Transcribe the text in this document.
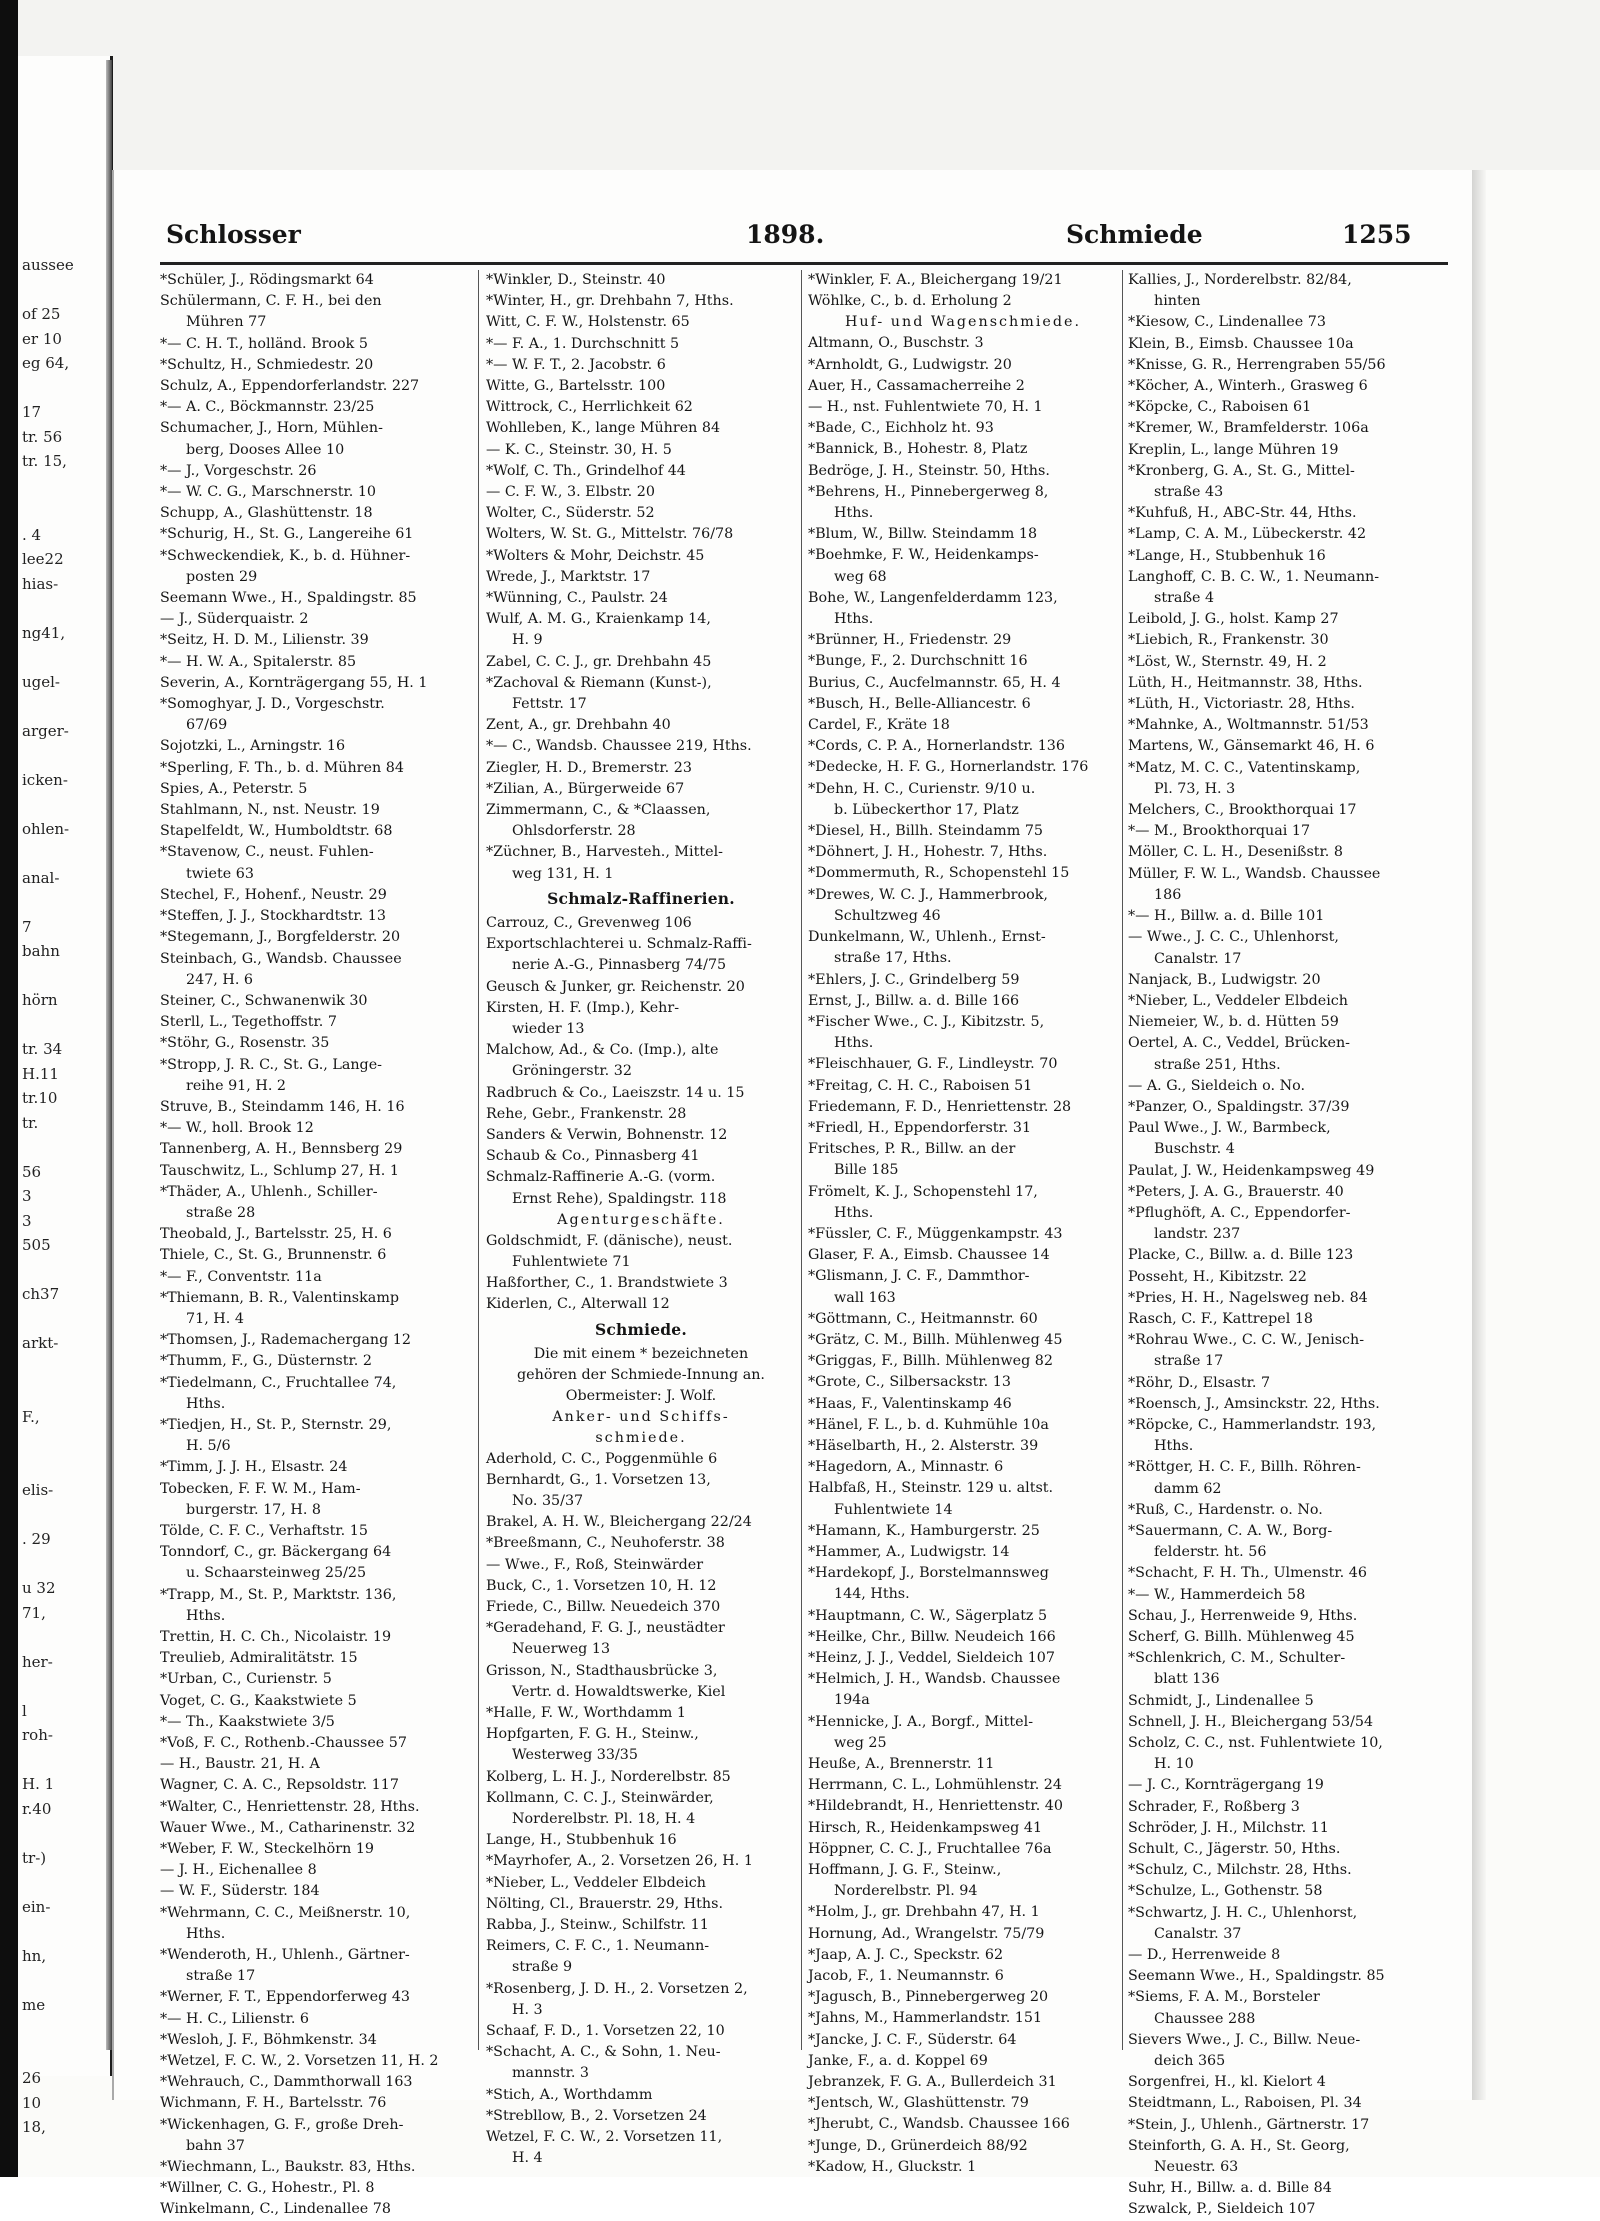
aussee
of 25
er 10
eg 64,
17
tr. 56
tr. 15,
. 4
lee22
hias-
ng41,
ugel-
arger-
icken-
ohlen-
anal-
7
bahn
hörn
tr. 34
H.11
tr.10
tr.
56
3
3
505
ch37
arkt-
F.,
elis-
. 29
u 32
71,
her-
l
roh-
H. 1
r.40
tr-)
ein-
hn,
me
26
10
18,
Schlosser	1898.	Schmiede	1255
*Schüler, J., Rödingsmarkt 64
Schülermann, C. F. H., bei den
Mühren 77
*— C. H. T., holländ. Brook 5
*Schultz, H., Schmiedestr. 20
Schulz, A., Eppendorferlandstr. 227
*— A. C., Böckmannstr. 23/25
Schumacher, J., Horn, Mühlen-
berg, Dooses Allee 10
*— J., Vorgeschstr. 26
*— W. C. G., Marschnerstr. 10
Schupp, A., Glashüttenstr. 18
*Schurig, H., St. G., Langereihe 61
*Schweckendiek, K., b. d. Hühner-
posten 29
Seemann Wwe., H., Spaldingstr. 85
— J., Süderquaistr. 2
*Seitz, H. D. M., Lilienstr. 39
*— H. W. A., Spitalerstr. 85
Severin, A., Kornträgergang 55, H. 1
*Somoghyar, J. D., Vorgeschstr.
67/69
Sojotzki, L., Arningstr. 16
*Sperling, F. Th., b. d. Mühren 84
Spies, A., Peterstr. 5
Stahlmann, N., nst. Neustr. 19
Stapelfeldt, W., Humboldtstr. 68
*Stavenow, C., neust. Fuhlen-
twiete 63
Stechel, F., Hohenf., Neustr. 29
*Steffen, J. J., Stockhardtstr. 13
*Stegemann, J., Borgfelderstr. 20
Steinbach, G., Wandsb. Chaussee
247, H. 6
Steiner, C., Schwanenwik 30
Sterll, L., Tegethoffstr. 7
*Stöhr, G., Rosenstr. 35
*Stropp, J. R. C., St. G., Lange-
reihe 91, H. 2
Struve, B., Steindamm 146, H. 16
*— W., holl. Brook 12
Tannenberg, A. H., Bennsberg 29
Tauschwitz, L., Schlump 27, H. 1
*Thäder, A., Uhlenh., Schiller-
straße 28
Theobald, J., Bartelsstr. 25, H. 6
Thiele, C., St. G., Brunnenstr. 6
*— F., Conventstr. 11a
*Thiemann, B. R., Valentinskamp
71, H. 4
*Thomsen, J., Rademachergang 12
*Thumm, F., G., Düsternstr. 2
*Tiedelmann, C., Fruchtallee 74,
Hths.
*Tiedjen, H., St. P., Sternstr. 29,
H. 5/6
*Timm, J. J. H., Elsastr. 24
Tobecken, F. F. W. M., Ham-
burgerstr. 17, H. 8
Tölde, C. F. C., Verhaftstr. 15
Tonndorf, C., gr. Bäckergang 64
u. Schaarsteinweg 25/25
*Trapp, M., St. P., Marktstr. 136,
Hths.
Trettin, H. C. Ch., Nicolaistr. 19
Treulieb, Admiralitätstr. 15
*Urban, C., Curienstr. 5
Voget, C. G., Kaakstwiete 5
*— Th., Kaakstwiete 3/5
*Voß, F. C., Rothenb.-Chaussee 57
— H., Baustr. 21, H. A
Wagner, C. A. C., Repsoldstr. 117
*Walter, C., Henriettenstr. 28, Hths.
Wauer Wwe., M., Catharinenstr. 32
*Weber, F. W., Steckelhörn 19
— J. H., Eichenallee 8
— W. F., Süderstr. 184
*Wehrmann, C. C., Meißnerstr. 10,
Hths.
*Wenderoth, H., Uhlenh., Gärtner-
straße 17
*Werner, F. T., Eppendorferweg 43
*— H. C., Lilienstr. 6
*Wesloh, J. F., Böhmkenstr. 34
*Wetzel, F. C. W., 2. Vorsetzen 11, H. 2
*Wehrauch, C., Dammthorwall 163
Wichmann, F. H., Bartelsstr. 76
*Wickenhagen, G. F., große Dreh-
bahn 37
*Wiechmann, L., Baukstr. 83, Hths.
*Willner, C. G., Hohestr., Pl. 8
Winkelmann, C., Lindenallee 78
*Winkler, D., Steinstr. 40
*Winter, H., gr. Drehbahn 7, Hths.
Witt, C. F. W., Holstenstr. 65
*— F. A., 1. Durchschnitt 5
*— W. F. T., 2. Jacobstr. 6
Witte, G., Bartelsstr. 100
Wittrock, C., Herrlichkeit 62
Wohlleben, K., lange Mühren 84
— K. C., Steinstr. 30, H. 5
*Wolf, C. Th., Grindelhof 44
— C. F. W., 3. Elbstr. 20
Wolter, C., Süderstr. 52
Wolters, W. St. G., Mittelstr. 76/78
*Wolters & Mohr, Deichstr. 45
Wrede, J., Marktstr. 17
*Wünning, C., Paulstr. 24
Wulf, A. M. G., Kraienkamp 14,
H. 9
Zabel, C. C. J., gr. Drehbahn 45
*Zachoval & Riemann (Kunst-),
Fettstr. 17
Zent, A., gr. Drehbahn 40
*— C., Wandsb. Chaussee 219, Hths.
Ziegler, H. D., Bremerstr. 23
*Zilian, A., Bürgerweide 67
Zimmermann, C., & *Claassen,
Ohlsdorferstr. 28
*Züchner, B., Harvesteh., Mittel-
weg 131, H. 1
Schmalz-Raffinerien.
Carrouz, C., Grevenweg 106
Exportschlachterei u. Schmalz-Raffi-
nerie A.-G., Pinnasberg 74/75
Geusch & Junker, gr. Reichenstr. 20
Kirsten, H. F. (Imp.), Kehr-
wieder 13
Malchow, Ad., & Co. (Imp.), alte
Gröningerstr. 32
Radbruch & Co., Laeiszstr. 14 u. 15
Rehe, Gebr., Frankenstr. 28
Sanders & Verwin, Bohnenstr. 12
Schaub & Co., Pinnasberg 41
Schmalz-Raffinerie A.-G. (vorm.
Ernst Rehe), Spaldingstr. 118
Agenturgeschäfte.
Goldschmidt, F. (dänische), neust.
Fuhlentwiete 71
Haßforther, C., 1. Brandstwiete 3
Kiderlen, C., Alterwall 12
Schmiede.
Die mit einem * bezeichneten
gehören der Schmiede-Innung an.
Obermeister: J. Wolf.
Anker- und Schiffs-
schmiede.
Aderhold, C. C., Poggenmühle 6
Bernhardt, G., 1. Vorsetzen 13,
No. 35/37
Brakel, A. H. W., Bleichergang 22/24
*Breeßmann, C., Neuhoferstr. 38
— Wwe., F., Roß, Steinwärder
Buck, C., 1. Vorsetzen 10, H. 12
Friede, C., Billw. Neuedeich 370
*Geradehand, F. G. J., neustädter
Neuerweg 13
Grisson, N., Stadthausbrücke 3,
Vertr. d. Howaldtswerke, Kiel
*Halle, F. W., Worthdamm 1
Hopfgarten, F. G. H., Steinw.,
Westerweg 33/35
Kolberg, L. H. J., Norderelbstr. 85
Kollmann, C. C. J., Steinwärder,
Norderelbstr. Pl. 18, H. 4
Lange, H., Stubbenhuk 16
*Mayrhofer, A., 2. Vorsetzen 26, H. 1
*Nieber, L., Veddeler Elbdeich
Nölting, Cl., Brauerstr. 29, Hths.
Rabba, J., Steinw., Schilfstr. 11
Reimers, C. F. C., 1. Neumann-
straße 9
*Rosenberg, J. D. H., 2. Vorsetzen 2,
H. 3
Schaaf, F. D., 1. Vorsetzen 22, 10
*Schacht, A. C., & Sohn, 1. Neu-
mannstr. 3
*Stich, A., Worthdamm
*Strebllow, B., 2. Vorsetzen 24
Wetzel, F. C. W., 2. Vorsetzen 11,
H. 4
*Winkler, F. A., Bleichergang 19/21
Wöhlke, C., b. d. Erholung 2
Huf- und Wagenschmiede.
Altmann, O., Buschstr. 3
*Arnholdt, G., Ludwigstr. 20
Auer, H., Cassamacherreihe 2
— H., nst. Fuhlentwiete 70, H. 1
*Bade, C., Eichholz ht. 93
*Bannick, B., Hohestr. 8, Platz
Bedröge, J. H., Steinstr. 50, Hths.
*Behrens, H., Pinnebergerweg 8,
Hths.
*Blum, W., Billw. Steindamm 18
*Boehmke, F. W., Heidenkamps-
weg 68
Bohe, W., Langenfelderdamm 123,
Hths.
*Brünner, H., Friedenstr. 29
*Bunge, F., 2. Durchschnitt 16
Burius, C., Aucfelmannstr. 65, H. 4
*Busch, H., Belle-Alliancestr. 6
Cardel, F., Kräte 18
*Cords, C. P. A., Hornerlandstr. 136
*Dedecke, H. F. G., Hornerlandstr. 176
*Dehn, H. C., Curienstr. 9/10 u.
b. Lübeckerthor 17, Platz
*Diesel, H., Billh. Steindamm 75
*Döhnert, J. H., Hohestr. 7, Hths.
*Dommermuth, R., Schopenstehl 15
*Drewes, W. C. J., Hammerbrook,
Schultzweg 46
Dunkelmann, W., Uhlenh., Ernst-
straße 17, Hths.
*Ehlers, J. C., Grindelberg 59
Ernst, J., Billw. a. d. Bille 166
*Fischer Wwe., C. J., Kibitzstr. 5,
Hths.
*Fleischhauer, G. F., Lindleystr. 70
*Freitag, C. H. C., Raboisen 51
Friedemann, F. D., Henriettenstr. 28
*Friedl, H., Eppendorferstr. 31
Fritsches, P. R., Billw. an der
Bille 185
Frömelt, K. J., Schopenstehl 17,
Hths.
*Füssler, C. F., Müggenkampstr. 43
Glaser, F. A., Eimsb. Chaussee 14
*Glismann, J. C. F., Dammthor-
wall 163
*Göttmann, C., Heitmannstr. 60
*Grätz, C. M., Billh. Mühlenweg 45
*Griggas, F., Billh. Mühlenweg 82
*Grote, C., Silbersackstr. 13
*Haas, F., Valentinskamp 46
*Hänel, F. L., b. d. Kuhmühle 10a
*Häselbarth, H., 2. Alsterstr. 39
*Hagedorn, A., Minnastr. 6
Halbfaß, H., Steinstr. 129 u. altst.
Fuhlentwiete 14
*Hamann, K., Hamburgerstr. 25
*Hammer, A., Ludwigstr. 14
*Hardekopf, J., Borstelmannsweg
144, Hths.
*Hauptmann, C. W., Sägerplatz 5
*Heilke, Chr., Billw. Neudeich 166
*Heinz, J. J., Veddel, Sieldeich 107
*Helmich, J. H., Wandsb. Chaussee
194a
*Hennicke, J. A., Borgf., Mittel-
weg 25
Heuße, A., Brennerstr. 11
Herrmann, C. L., Lohmühlenstr. 24
*Hildebrandt, H., Henriettenstr. 40
Hirsch, R., Heidenkampsweg 41
Höppner, C. C. J., Fruchtallee 76a
Hoffmann, J. G. F., Steinw.,
Norderelbstr. Pl. 94
*Holm, J., gr. Drehbahn 47, H. 1
Hornung, Ad., Wrangelstr. 75/79
*Jaap, A. J. C., Speckstr. 62
Jacob, F., 1. Neumannstr. 6
*Jagusch, B., Pinnebergerweg 20
*Jahns, M., Hammerlandstr. 151
*Jancke, J. C. F., Süderstr. 64
Janke, F., a. d. Koppel 69
Jebranzek, F. G. A., Bullerdeich 31
*Jentsch, W., Glashüttenstr. 79
*Jherubt, C., Wandsb. Chaussee 166
*Junge, D., Grünerdeich 88/92
*Kadow, H., Gluckstr. 1
Kallies, J., Norderelbstr. 82/84,
hinten
*Kiesow, C., Lindenallee 73
Klein, B., Eimsb. Chaussee 10a
*Knisse, G. R., Herrengraben 55/56
*Köcher, A., Winterh., Grasweg 6
*Köpcke, C., Raboisen 61
*Kremer, W., Bramfelderstr. 106a
Kreplin, L., lange Mühren 19
*Kronberg, G. A., St. G., Mittel-
straße 43
*Kuhfuß, H., ABC-Str. 44, Hths.
*Lamp, C. A. M., Lübeckerstr. 42
*Lange, H., Stubbenhuk 16
Langhoff, C. B. C. W., 1. Neumann-
straße 4
Leibold, J. G., holst. Kamp 27
*Liebich, R., Frankenstr. 30
*Löst, W., Sternstr. 49, H. 2
Lüth, H., Heitmannstr. 38, Hths.
*Lüth, H., Victoriastr. 28, Hths.
*Mahnke, A., Woltmannstr. 51/53
Martens, W., Gänsemarkt 46, H. 6
*Matz, M. C. C., Vatentinskamp,
Pl. 73, H. 3
Melchers, C., Brookthorquai 17
*— M., Brookthorquai 17
Möller, C. L. H., Desenißstr. 8
Müller, F. W. L., Wandsb. Chaussee
186
*— H., Billw. a. d. Bille 101
— Wwe., J. C. C., Uhlenhorst,
Canalstr. 17
Nanjack, B., Ludwigstr. 20
*Nieber, L., Veddeler Elbdeich
Niemeier, W., b. d. Hütten 59
Oertel, A. C., Veddel, Brücken-
straße 251, Hths.
— A. G., Sieldeich o. No.
*Panzer, O., Spaldingstr. 37/39
Paul Wwe., J. W., Barmbeck,
Buschstr. 4
Paulat, J. W., Heidenkampsweg 49
*Peters, J. A. G., Brauerstr. 40
*Pflughöft, A. C., Eppendorfer-
landstr. 237
Placke, C., Billw. a. d. Bille 123
Posseht, H., Kibitzstr. 22
*Pries, H. H., Nagelsweg neb. 84
Rasch, C. F., Kattrepel 18
*Rohrau Wwe., C. C. W., Jenisch-
straße 17
*Röhr, D., Elsastr. 7
*Roensch, J., Amsinckstr. 22, Hths.
*Röpcke, C., Hammerlandstr. 193,
Hths.
*Röttger, H. C. F., Billh. Röhren-
damm 62
*Ruß, C., Hardenstr. o. No.
*Sauermann, C. A. W., Borg-
felderstr. ht. 56
*Schacht, F. H. Th., Ulmenstr. 46
*— W., Hammerdeich 58
Schau, J., Herrenweide 9, Hths.
Scherf, G. Billh. Mühlenweg 45
*Schlenkrich, C. M., Schulter-
blatt 136
Schmidt, J., Lindenallee 5
Schnell, J. H., Bleichergang 53/54
Scholz, C. C., nst. Fuhlentwiete 10,
H. 10
— J. C., Kornträgergang 19
Schrader, F., Roßberg 3
Schröder, J. H., Milchstr. 11
Schult, C., Jägerstr. 50, Hths.
*Schulz, C., Milchstr. 28, Hths.
*Schulze, L., Gothenstr. 58
*Schwartz, J. H. C., Uhlenhorst,
Canalstr. 37
— D., Herrenweide 8
Seemann Wwe., H., Spaldingstr. 85
*Siems, F. A. M., Borsteler
Chaussee 288
Sievers Wwe., J. C., Billw. Neue-
deich 365
Sorgenfrei, H., kl. Kielort 4
Steidtmann, L., Raboisen, Pl. 34
*Stein, J., Uhlenh., Gärtnerstr. 17
Steinforth, G. A. H., St. Georg,
Neuestr. 63
Suhr, H., Billw. a. d. Bille 84
Szwalck, P., Sieldeich 107
